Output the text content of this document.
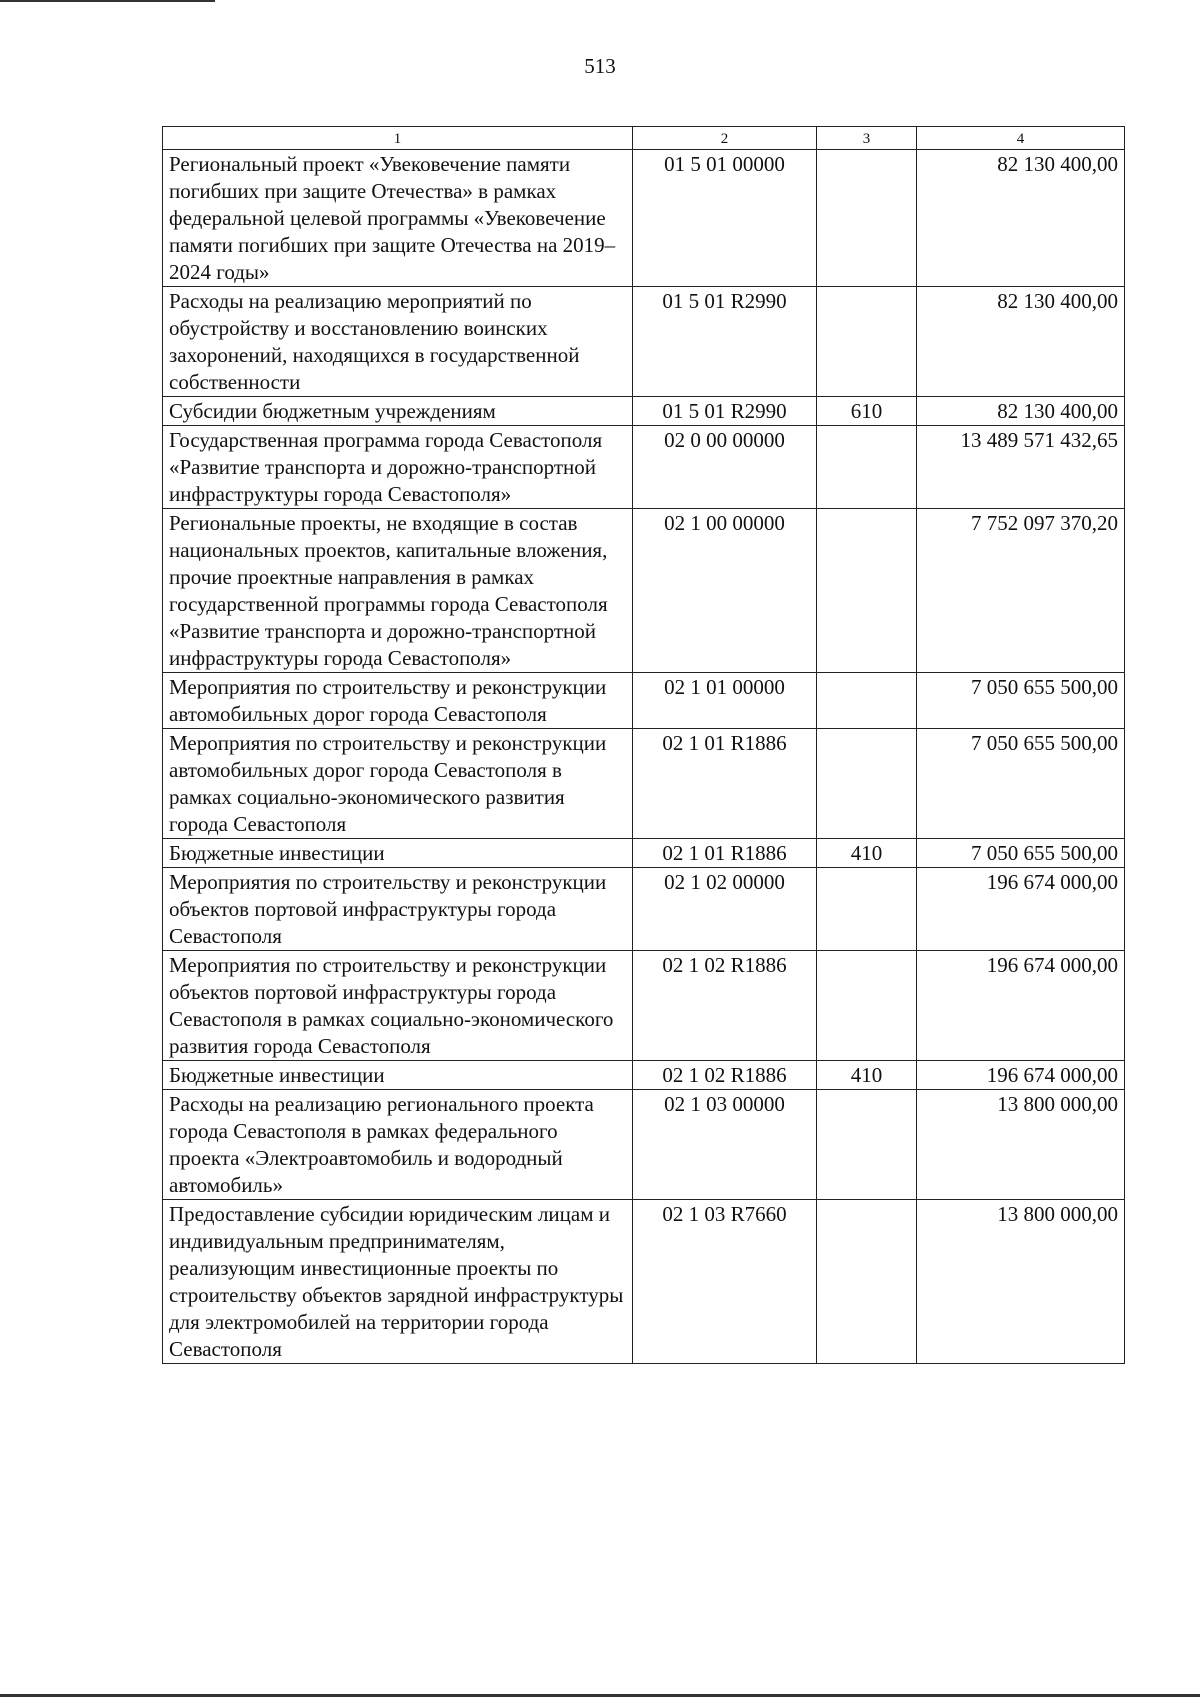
513
1	2	3	4
Региональный проект «Увековечение памяти погибших при защите Отечества» в рамках федеральной целевой программы «Увековечение памяти погибших при защите Отечества на 2019–2024 годы»	01 5 01 00000		82 130 400,00
Расходы на реализацию мероприятий по обустройству и восстановлению воинских захоронений, находящихся в государственной собственности	01 5 01 R2990		82 130 400,00
Субсидии бюджетным учреждениям	01 5 01 R2990	610	82 130 400,00
Государственная программа города Севастополя «Развитие транспорта и дорожно-транспортной инфраструктуры города Севастополя»	02 0 00 00000		13 489 571 432,65
Региональные проекты, не входящие в состав национальных проектов, капитальные вложения, прочие проектные направления в рамках государственной программы города Севастополя «Развитие транспорта и дорожно-транспортной инфраструктуры города Севастополя»	02 1 00 00000		7 752 097 370,20
Мероприятия по строительству и реконструкции автомобильных дорог города Севастополя	02 1 01 00000		7 050 655 500,00
Мероприятия по строительству и реконструкции автомобильных дорог города Севастополя в рамках социально-экономического развития города Севастополя	02 1 01 R1886		7 050 655 500,00
Бюджетные инвестиции	02 1 01 R1886	410	7 050 655 500,00
Мероприятия по строительству и реконструкции объектов портовой инфраструктуры города Севастополя	02 1 02 00000		196 674 000,00
Мероприятия по строительству и реконструкции объектов портовой инфраструктуры города Севастополя в рамках социально-экономического развития города Севастополя	02 1 02 R1886		196 674 000,00
Бюджетные инвестиции	02 1 02 R1886	410	196 674 000,00
Расходы на реализацию регионального проекта города Севастополя в рамках федерального проекта «Электроавтомобиль и водородный автомобиль»	02 1 03 00000		13 800 000,00
Предоставление субсидии юридическим лицам и индивидуальным предпринимателям, реализующим инвестиционные проекты по строительству объектов зарядной инфраструктуры для электромобилей на территории города Севастополя	02 1 03 R7660		13 800 000,00
